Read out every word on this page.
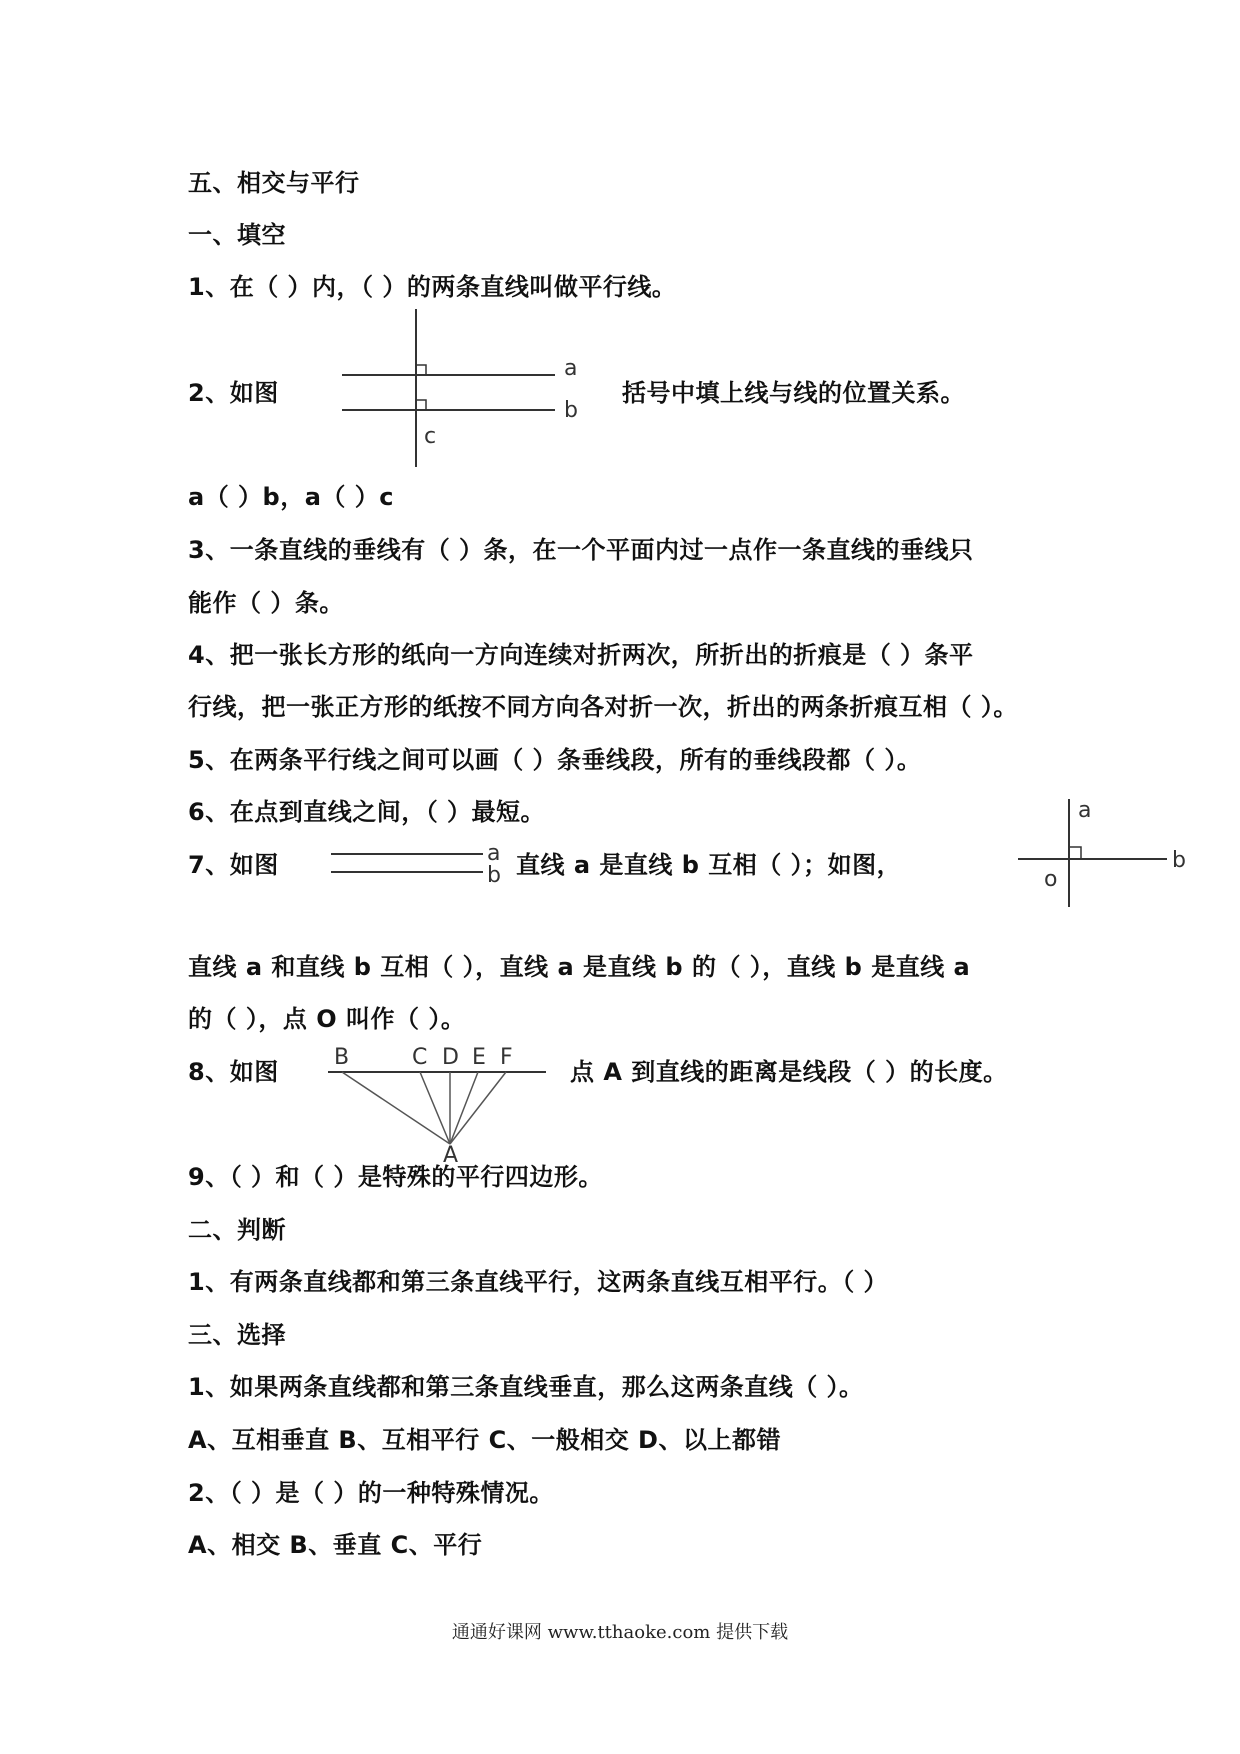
五、相交与平行
一、填空
1、在（ ）内，（ ）的两条直线叫做平行线。
2、如图	括号中填上线与线的位置关系。
a
b
c
a（ ）b，a（ ）c
3、一条直线的垂线有（ ）条，在一个平面内过一点作一条直线的垂线只
能作（ ）条。
4、把一张长方形的纸向一方向连续对折两次，所折出的折痕是（ ）条平
行线，把一张正方形的纸按不同方向各对折一次，折出的两条折痕互相（ ）。
5、在两条平行线之间可以画（ ）条垂线段，所有的垂线段都（ ）。
6、在点到直线之间，（ ）最短。
7、如图	a
b 直线 a 是直线 b 互相（ ）；如图，
a
b
o
直线 a 和直线 b 互相（ ），直线 a 是直线 b 的（ ），直线 b 是直线 a
的（ ），点 O 叫作（ ）。
8、如图
B	C D E F
A
点 A 到直线的距离是线段（ ）的长度。
9、（ ）和（ ）是特殊的平行四边形。
二、判断
1、有两条直线都和第三条直线平行，这两条直线互相平行。（ ）
三、选择
1、如果两条直线都和第三条直线垂直，那么这两条直线（ ）。
A、互相垂直 B、互相平行 C、一般相交 D、以上都错
2、（ ）是（ ）的一种特殊情况。
A、相交 B、垂直 C、平行
通通好课网 www.tthaoke.com 提供下载
